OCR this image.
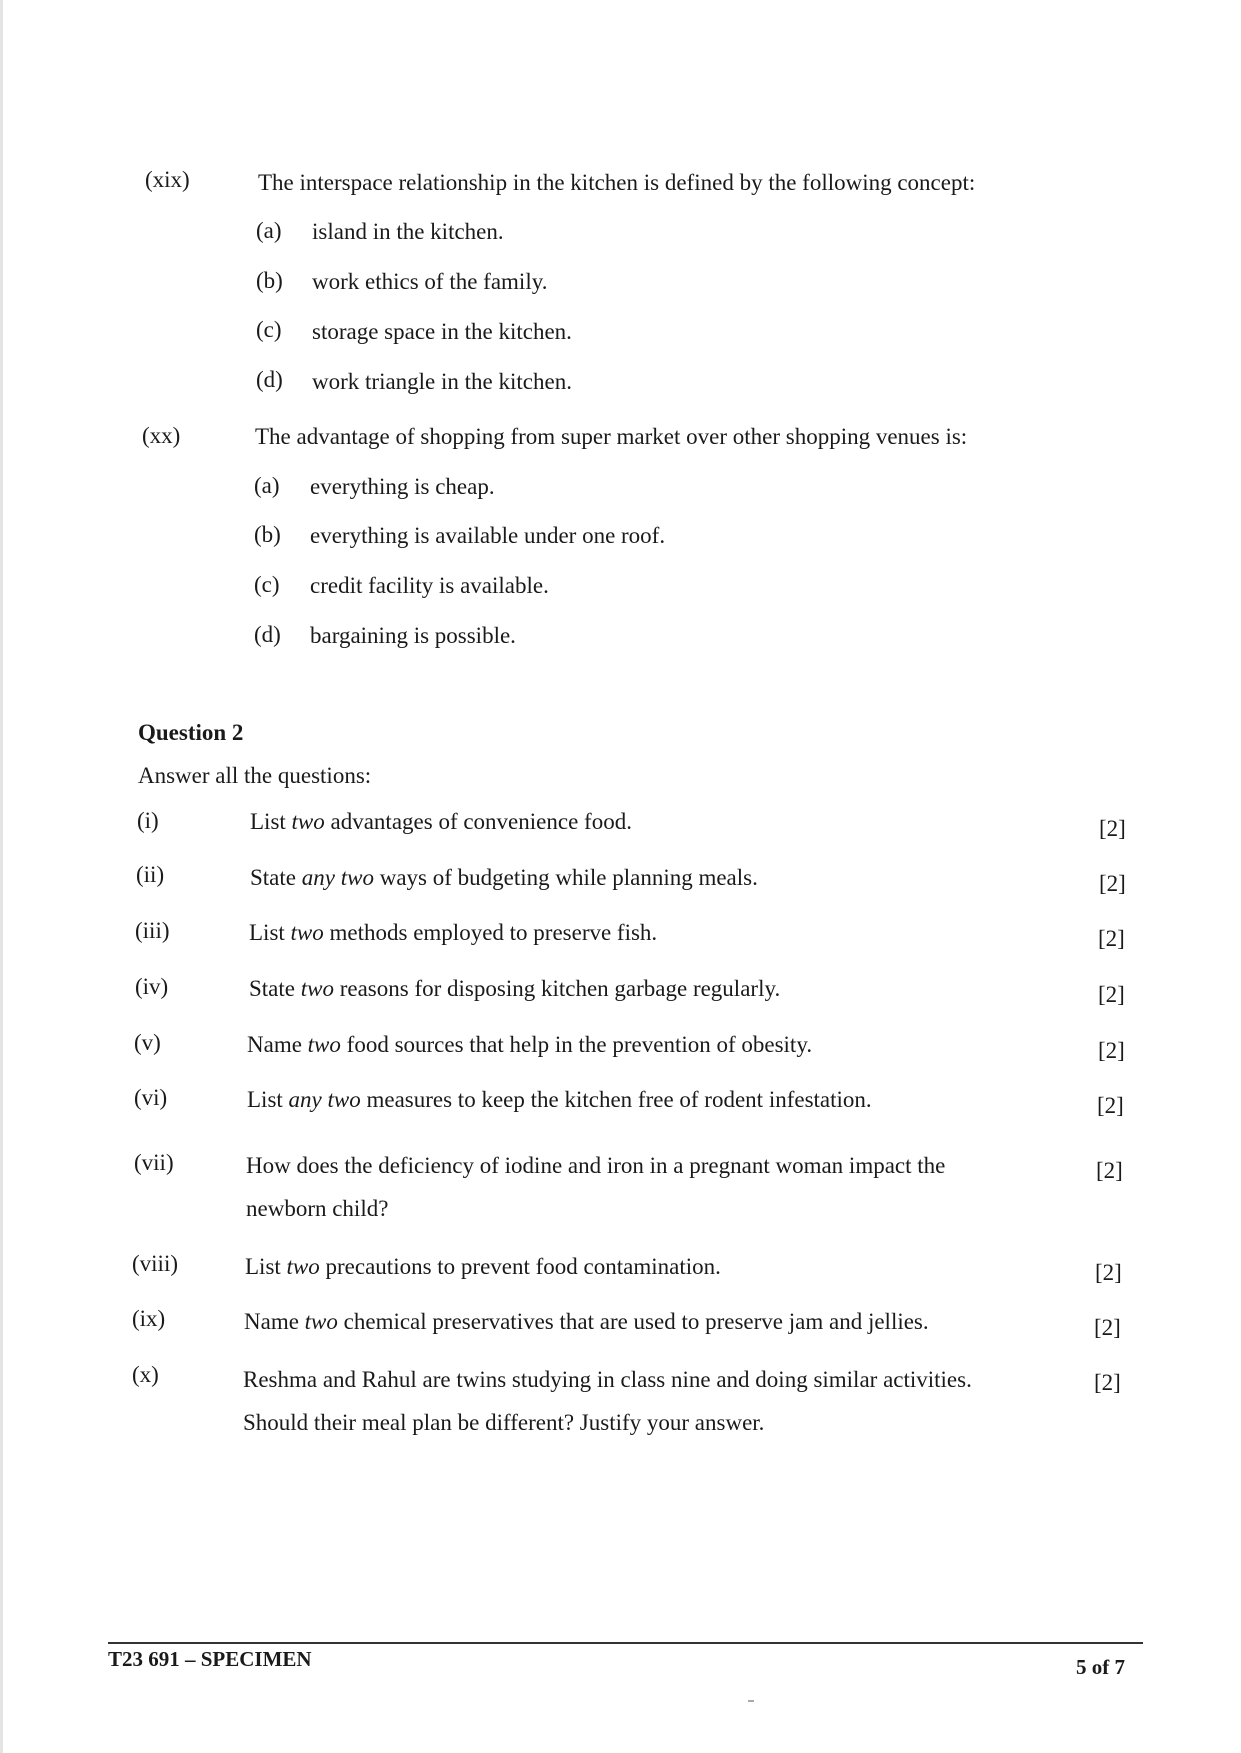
(xix)	The interspace relationship in the kitchen is defined by the following concept:
(a) island in the kitchen.
(b) work ethics of the family.
(c) storage space in the kitchen.
(d) work triangle in the kitchen.
(xx)	The advantage of shopping from super market over other shopping venues is:
(a) everything is cheap.
(b) everything is available under one roof.
(c) credit facility is available.
(d) bargaining is possible.
Question 2
Answer all the questions:
(i)	List two advantages of convenience food.	[2]
(ii)	State any two ways of budgeting while planning meals.	[2]
(iii)	List two methods employed to preserve fish.	[2]
(iv)	State two reasons for disposing kitchen garbage regularly.	[2]
(v)	Name two food sources that help in the prevention of obesity.	[2]
(vi)	List any two measures to keep the kitchen free of rodent infestation.	[2]
(vii)	How does the deficiency of iodine and iron in a pregnant woman impact the
newborn child?
[2]
(viii)	List two precautions to prevent food contamination.	[2]
(ix)	Name two chemical preservatives that are used to preserve jam and jellies.	[2]
(x)	Reshma and Rahul are twins studying in class nine and doing similar activities.
Should their meal plan be different? Justify your answer.
[2]
T23 691 – SPECIMEN	5 of 7
